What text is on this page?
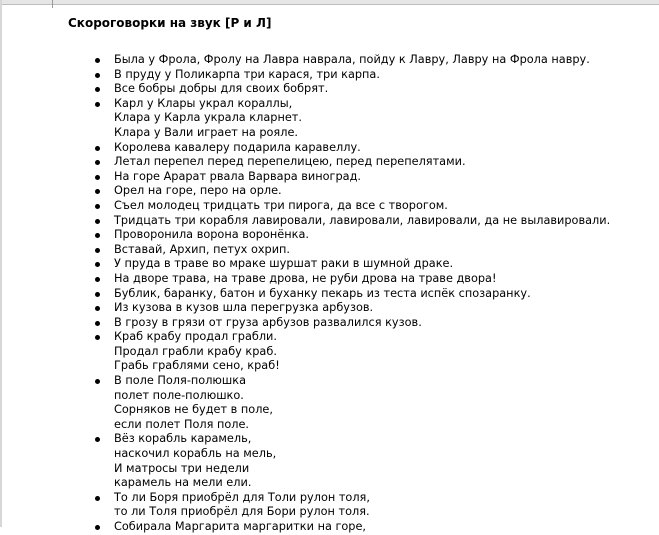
Скороговорки на звук [Р и Л]
Была у Фрола, Фролу на Лавра наврала, пойду к Лавру, Лавру на Фрола навру.
В пруду у Поликарпа три карася, три карпа.
Все бобры добры для своих бобрят.
Карл у Клары украл кораллы,
Клара у Карла украла кларнет.
Клара у Вали играет на рояле.
Королева кавалеру подарила каравеллу.
Летал перепел перед перепелицею, перед перепелятами.
На горе Арарат рвала Варвара виноград.
Орел на горе, перо на орле.
Съел молодец тридцать три пирога, да все с творогом.
Тридцать три корабля лавировали, лавировали, лавировали, да не вылавировали.
Проворонила ворона воронёнка.
Вставай, Архип, петух охрип.
У пруда в траве во мраке шуршат раки в шумной драке.
На дворе трава, на траве дрова, не руби дрова на траве двора!
Бублик, баранку, батон и буханку пекарь из теста испёк спозаранку.
Из кузова в кузов шла перегрузка арбузов.
В грозу в грязи от груза арбузов развалился кузов.
Краб крабу продал грабли.
Продал грабли крабу краб.
Грабь граблями сено, краб!
В поле Поля-полюшка
полет поле-полюшко.
Сорняков не будет в поле,
если полет Поля поле.
Вёз корабль карамель,
наскочил корабль на мель,
И матросы три недели
карамель на мели ели.
То ли Боря приобрёл для Толи рулон толя,
то ли Толя приобрёл для Бори рулон толя.
Собирала Маргарита маргаритки на горе,
